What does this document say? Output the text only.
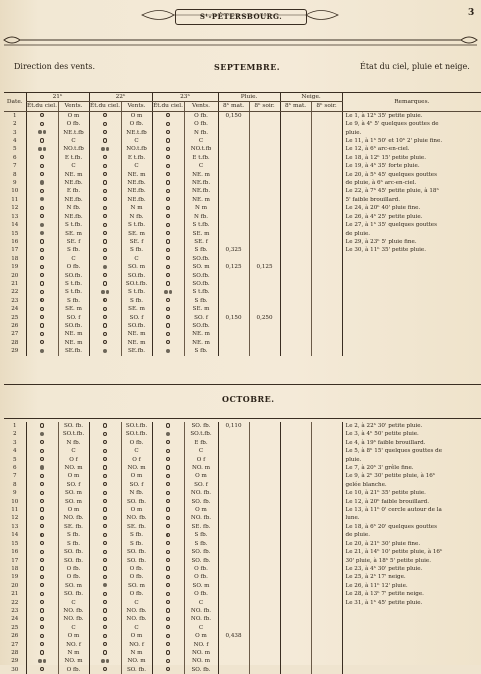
Sᵗ-PÉTERSBOURG.	3
Direction des vents.	SEPTEMBRE.	État du ciel, pluie et neige.
Date.	21ʰ		22ʰ		23ʰ		Pluie.		Neige.		Remarques.
	Ét.du ciel.	Vents.	Ét.du ciel.	Vents.	Ét.du ciel.	Vents.	8ʰ mat.	8ʰ soir.	8ʰ mat.	8ʰ soir.	
1		O m		O m		O fb.	0,150				Le 1, à 12ʰ 35' petite pluie.
2		O fb.		O fb.		O fb.					Le 9, à 4ʰ 5' quelques gouttes de
3		NE.t.fb		NE.t.fb		N fb.					pluie.
4		C		C		C					Le 11, à 1ʰ 50' et 10ʰ 2' pluie fine.
5		NO.t.fb		NO.t.fb		NO.t.fb					Le 12, à 6ʰ arc-en-ciel.
6		E t.fb.		E t.fb.		E t.fb.					Le 18, à 12ʰ 15' petite pluie.
7		C		C		C					Le 19, à 4ʰ 35' forte pluie.
8		NE. m		NE. m		NE. m					Le 20, à 5ʰ 45' quelques gouttes
9		NE.fb.		NE.fb.		NE.fb.					de pluie, à 6ʰ arc-en-ciel.
10		E fb.		NE.fb.		NE.fb.					Le 22, à 7ʰ 45' petite pluie, à 18ʰ
11		NE.fb.		NE.fb.		NE. m					5' faible brouillard.
12		N fb.		N m		N m					Le 24, à 20ʰ 40' pluie fine.
13		NE.fb.		N fb.		N fb.					Le 26, à 4ʰ 25' petite pluie.
14		S t.fb.		S t.fb.		S t.fb.					Le 27, à 1ʰ 35' quelques gouttes
15		SE. m		SE. m		SE. m					de pluie.
16		SE. f		SE. f		SE. f					Le 29, à 23ʰ 5' pluie fine.
17		S fb.		S fb.		S fb.	0,325				Le 30, à 11ʰ 35' petite pluie.
18		C		C		SO.fb.					
19		O fb.		SO. m		SO. m	0,125	0,125			
20		SO.fb.		SO.fb.		SO.fb.					
21		S t.fb.		SO.t.fb.		SO.fb.					
22		S t.fb.		S t.fb.		S t.fb.					
23		S fb.		S fb.		S fb.					
24		SE. m		SE. m		SE. m					
25		SO. f		SO. f		SO. f	0,150	0,250			
26		SO.fb.		SO.fb.		SO.fb.					
27		NE. m		NE. m		NE. m					
28		NE. m		NE. m		NE. m					
29		SE.fb.		SE.fb.		S fb.					
OCTOBRE.
1		SO. fb.		SO.t.fb.		SO. fb.	0,110				Le 2, à 22ʰ 30' petite pluie.
2		SO.t.fb.		SO.t.fb.		SO.t.fb.					Le 3, à 4ʰ 50' petite pluie.
3		N fb.		O fb.		E fb.					Le 4, à 19ʰ faible brouillard.
4		C		C		C					Le 5, à 8ʰ 15' quelques gouttes de
5		O f		O f		O f					pluie.
6		NO. m		NO. m		NO. m					Le 7, à 20ʰ 3' grêle fine.
7		O m		O m		O m					Le 9, à 2ʰ 30' petite pluie, à 16ʰ
8		SO. f		SO. f		SO. f					gelée blanche.
9		SO. m		N fb.		NO. fb.					Le 10, à 21ʰ 35' petite pluie.
10		SO. m		SO. fb.		SO. fb.					Le 12, à 20ʰ faible brouillard.
11		O m		O m		O m					Le 13, à 11ʰ 0' cercle autour de la
12		NO. fb.		NO. fb.		NO. fb.					lune.
13		SE. fb.		SE. fb.		SE. fb.					Le 18, à 6ʰ 20' quelques gouttes
14		S fb.		S fb.		S fb.					de pluie.
15		S fb.		S fb.		S fb.					Le 20, à 21ʰ 30' pluie fine.
16		SO. fb.		SO. fb.		SO. fb.					Le 21, à 14ʰ 10' petite pluie, à 16ʰ
17		SO. fb.		SO. fb.		SO. fb.					30' pluie, à 18ʰ 5' petite pluie.
18		O fb.		O fb.		O fb.					Le 23, à 4ʰ 30' petite pluie.
19		O fb.		O fb.		O fb.					Le 25, à 2ʰ 17' neige.
20		SO. m		SO. m		SO. m					Le 26, à 11ʰ 12' pluie.
21		SO. fb.		O fb.		O fb.					Le 28, à 13ʰ 7' petite neige.
22		C		C		C					Le 31, à 1ʰ 45' petite pluie.
23		NO. fb.		NO. fb.		NO. fb.					
24		NO. fb.		NO. fb.		NO. fb.					
25		C		C		C					
26		O m		O m		O m	0,438				
27		NO. f		NO. f		NO. f					
28		N m		N m		NO. m					
29		NO. m		NO. m		NO. m					
30		O fb.		SO. fb.		SO. fb.					
